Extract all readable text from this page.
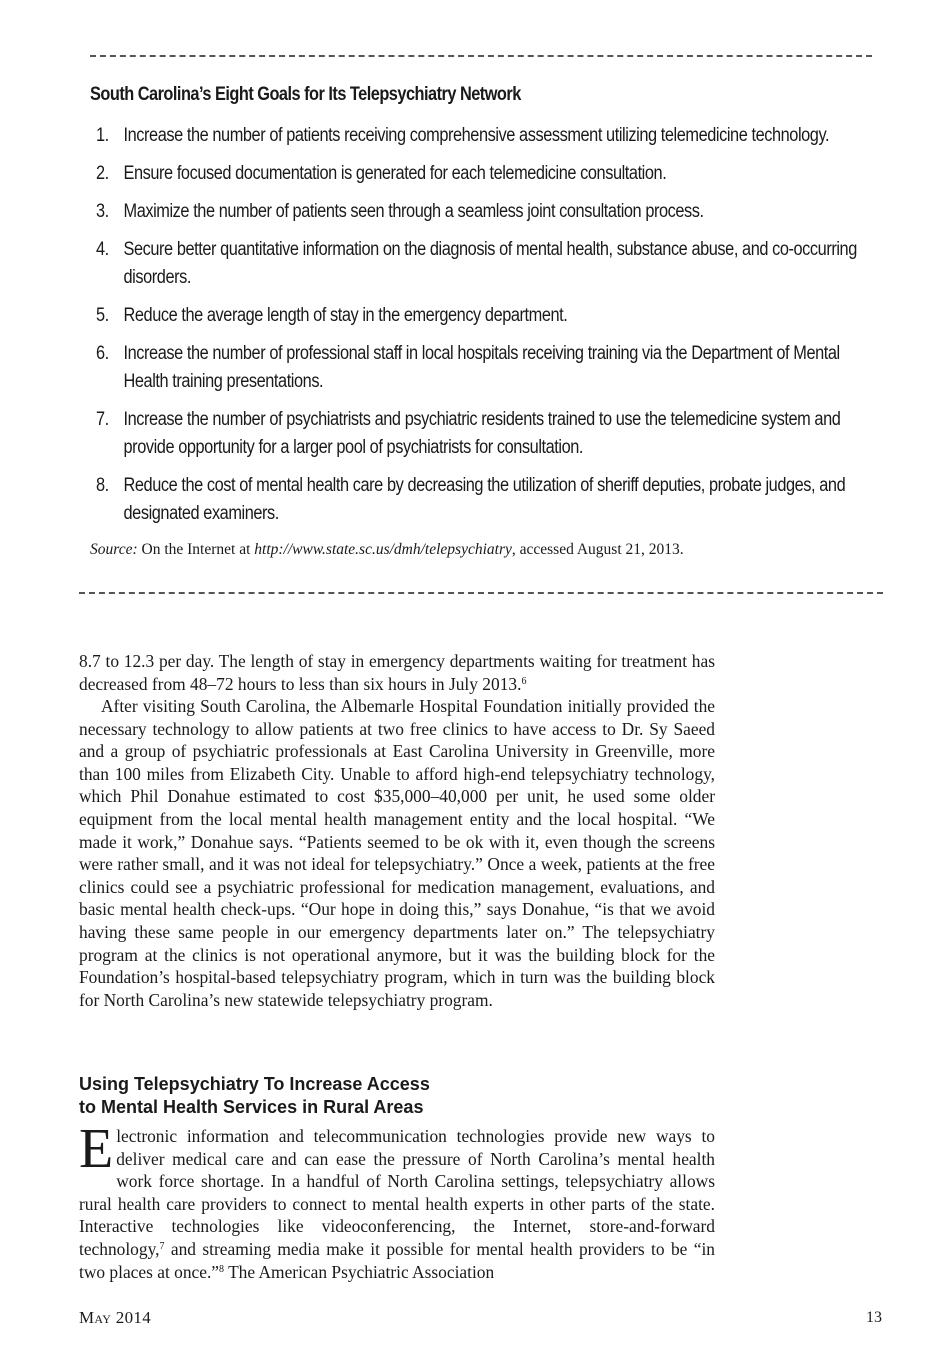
South Carolina’s Eight Goals for Its Telepsychiatry Network
1. Increase the number of patients receiving comprehensive assessment utilizing telemedicine technology.
2. Ensure focused documentation is generated for each telemedicine consultation.
3. Maximize the number of patients seen through a seamless joint consultation process.
4. Secure better quantitative information on the diagnosis of mental health, substance abuse, and co-occurring disorders.
5. Reduce the average length of stay in the emergency department.
6. Increase the number of professional staff in local hospitals receiving training via the Department of Mental Health training presentations.
7. Increase the number of psychiatrists and psychiatric residents trained to use the telemedicine system and provide opportunity for a larger pool of psychiatrists for consultation.
8. Reduce the cost of mental health care by decreasing the utilization of sheriff deputies, probate judges, and designated examiners.
Source: On the Internet at http://www.state.sc.us/dmh/telepsychiatry, accessed August 21, 2013.

8.7 to 12.3 per day. The length of stay in emergency departments waiting for treatment has decreased from 48–72 hours to less than six hours in July 2013.$^6$

After visiting South Carolina, the Albemarle Hospital Foundation initially provided the necessary technology to allow patients at two free clinics to have access to Dr. Sy Saeed and a group of psychiatric professionals at East Carolina University in Greenville, more than 100 miles from Elizabeth City. Unable to afford high-end telepsychiatry technology, which Phil Donahue estimated to cost $35,000–40,000 per unit, he used some older equipment from the local mental health management entity and the local hospital. “We made it work,” Donahue says. “Patients seemed to be ok with it, even though the screens were rather small, and it was not ideal for telepsychiatry.” Once a week, patients at the free clinics could see a psychiatric professional for medication management, evaluations, and basic mental health check-ups. “Our hope in doing this,” says Donahue, “is that we avoid having these same people in our emergency departments later on.” The telepsychiatry program at the clinics is not operational anymore, but it was the building block for the Foundation’s hospital-based telepsychiatry program, which in turn was the building block for North Carolina’s new statewide telepsychiatry program.

Using Telepsychiatry To Increase Access
to Mental Health Services in Rural Areas

Electronic information and telecommunication technologies provide new ways to deliver medical care and can ease the pressure of North Carolina’s mental health work force shortage. In a handful of North Carolina settings, telepsychiatry allows rural health care providers to connect to mental health experts in other parts of the state. Interactive technologies like videoconferencing, the Internet, store-and-forward technology,$^7$ and streaming media make it possible for mental health providers to be “in two places at once.”$^8$ The American Psychiatric Association

May 2014	13
